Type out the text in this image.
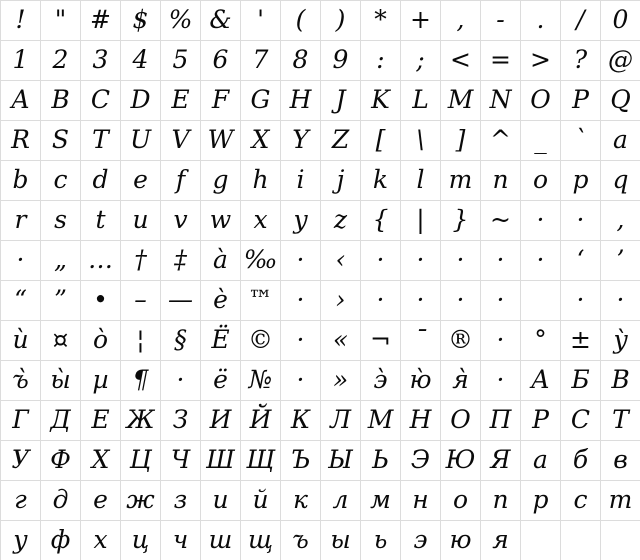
!	" # $ % &	'	(	)	* +	,	-	.	/	0
1 2 3 4 5 6 7 8 9	:	;	< = > ? @
A B C D E F G H J	K L M N O P Q
R S T U V W X Y Z	[	\	] ^ _	`	a
b c d e	f	g h	i	j	k	l m n o p q
r	s	t	u v w x	y	z	{	|	} ~	·	·	,
·	„ … †	‡	à ‰ ·	‹	·	·	·	·	·	‘	’
“	”	•	– — è ™ ·	›	·	·	·	·	·	·
ù ¤ ò	¦	§ Ë © ·	« ¬ ¯ ® ·	° ± ỳ
ъ̀ ы̀ µ ¶	·	ё № ·	»	э̀ ю̀ я̀	·	А Б В
Г Д Е Ж З И Й К Л М Н О П Р С Т
У Ф Х Ц Ч Ш Щ Ъ Ы Ь Э Ю Я а б	в
г	д е ж з	и й к л м н о п р с т
у ф х ц ч ш щ ъ ы ь	э ю я
